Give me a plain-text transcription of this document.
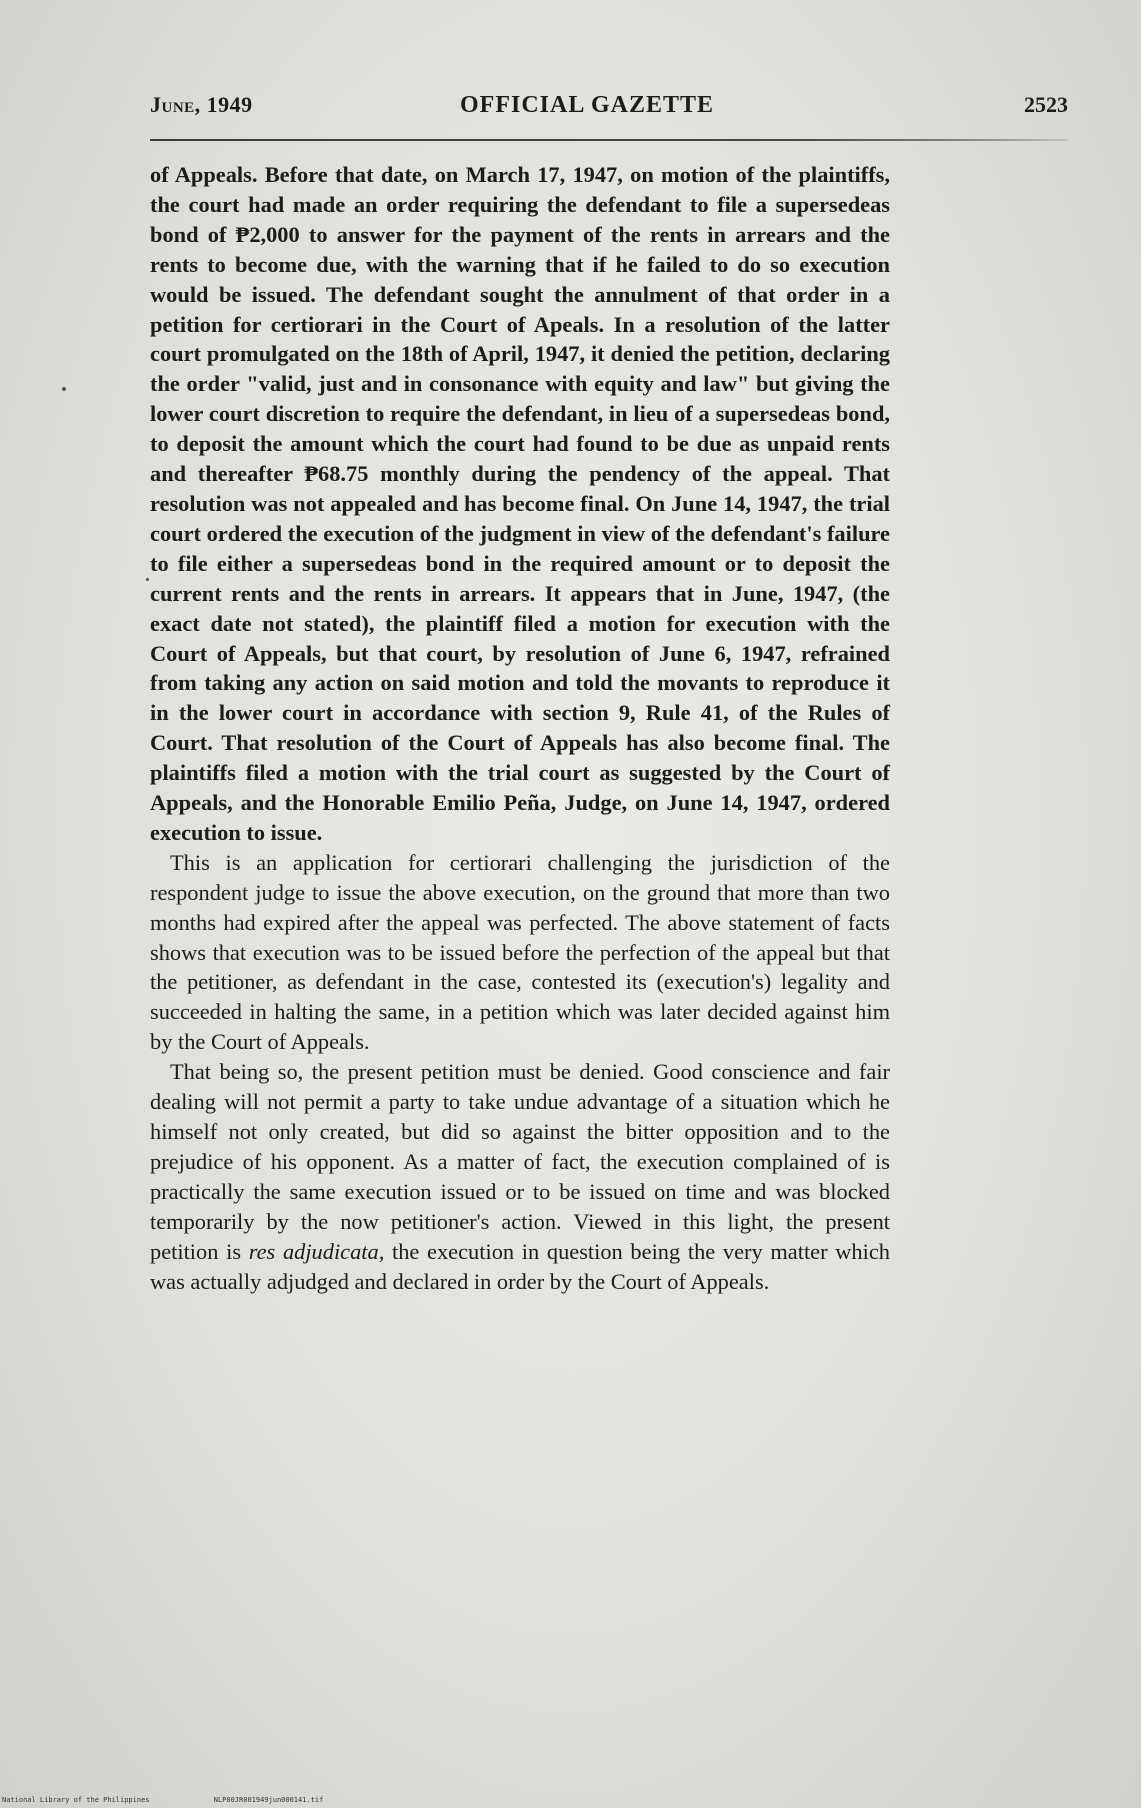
June, 1949	OFFICIAL GAZETTE	2523

of Appeals. Before that date, on March 17, 1947, on motion of the plaintiffs, the court had made an order requiring the defendant to file a supersedeas bond of ₱2,000 to answer for the payment of the rents in arrears and the rents to become due, with the warning that if he failed to do so execution would be issued. The defendant sought the annulment of that order in a petition for certiorari in the Court of Apeals. In a resolution of the latter court promulgated on the 18th of April, 1947, it denied the petition, declaring the order "valid, just and in consonance with equity and law" but giving the lower court discretion to require the defendant, in lieu of a supersedeas bond, to deposit the amount which the court had found to be due as unpaid rents and thereafter ₱68.75 monthly during the pendency of the appeal. That resolution was not appealed and has become final. On June 14, 1947, the trial court ordered the execution of the judgment in view of the defendant's failure to file either a supersedeas bond in the required amount or to deposit the current rents and the rents in arrears. It appears that in June, 1947, (the exact date not stated), the plaintiff filed a motion for execution with the Court of Appeals, but that court, by resolution of June 6, 1947, refrained from taking any action on said motion and told the movants to reproduce it in the lower court in accordance with section 9, Rule 41, of the Rules of Court. That resolution of the Court of Appeals has also become final. The plaintiffs filed a motion with the trial court as suggested by the Court of Appeals, and the Honorable Emilio Peña, Judge, on June 14, 1947, ordered execution to issue.

This is an application for certiorari challenging the jurisdiction of the respondent judge to issue the above execution, on the ground that more than two months had expired after the appeal was perfected. The above statement of facts shows that execution was to be issued before the perfection of the appeal but that the petitioner, as defendant in the case, contested its (execution's) legality and succeeded in halting the same, in a petition which was later decided against him by the Court of Appeals.

That being so, the present petition must be denied. Good conscience and fair dealing will not permit a party to take undue advantage of a situation which he himself not only created, but did so against the bitter opposition and to the prejudice of his opponent. As a matter of fact, the execution complained of is practically the same execution issued or to be issued on time and was blocked temporarily by the now petitioner's action. Viewed in this light, the present petition is res adjudicata, the execution in question being the very matter which was actually adjudged and declared in order by the Court of Appeals.

National Library of the Philippines	NLP00JR001949jun000141.tif
